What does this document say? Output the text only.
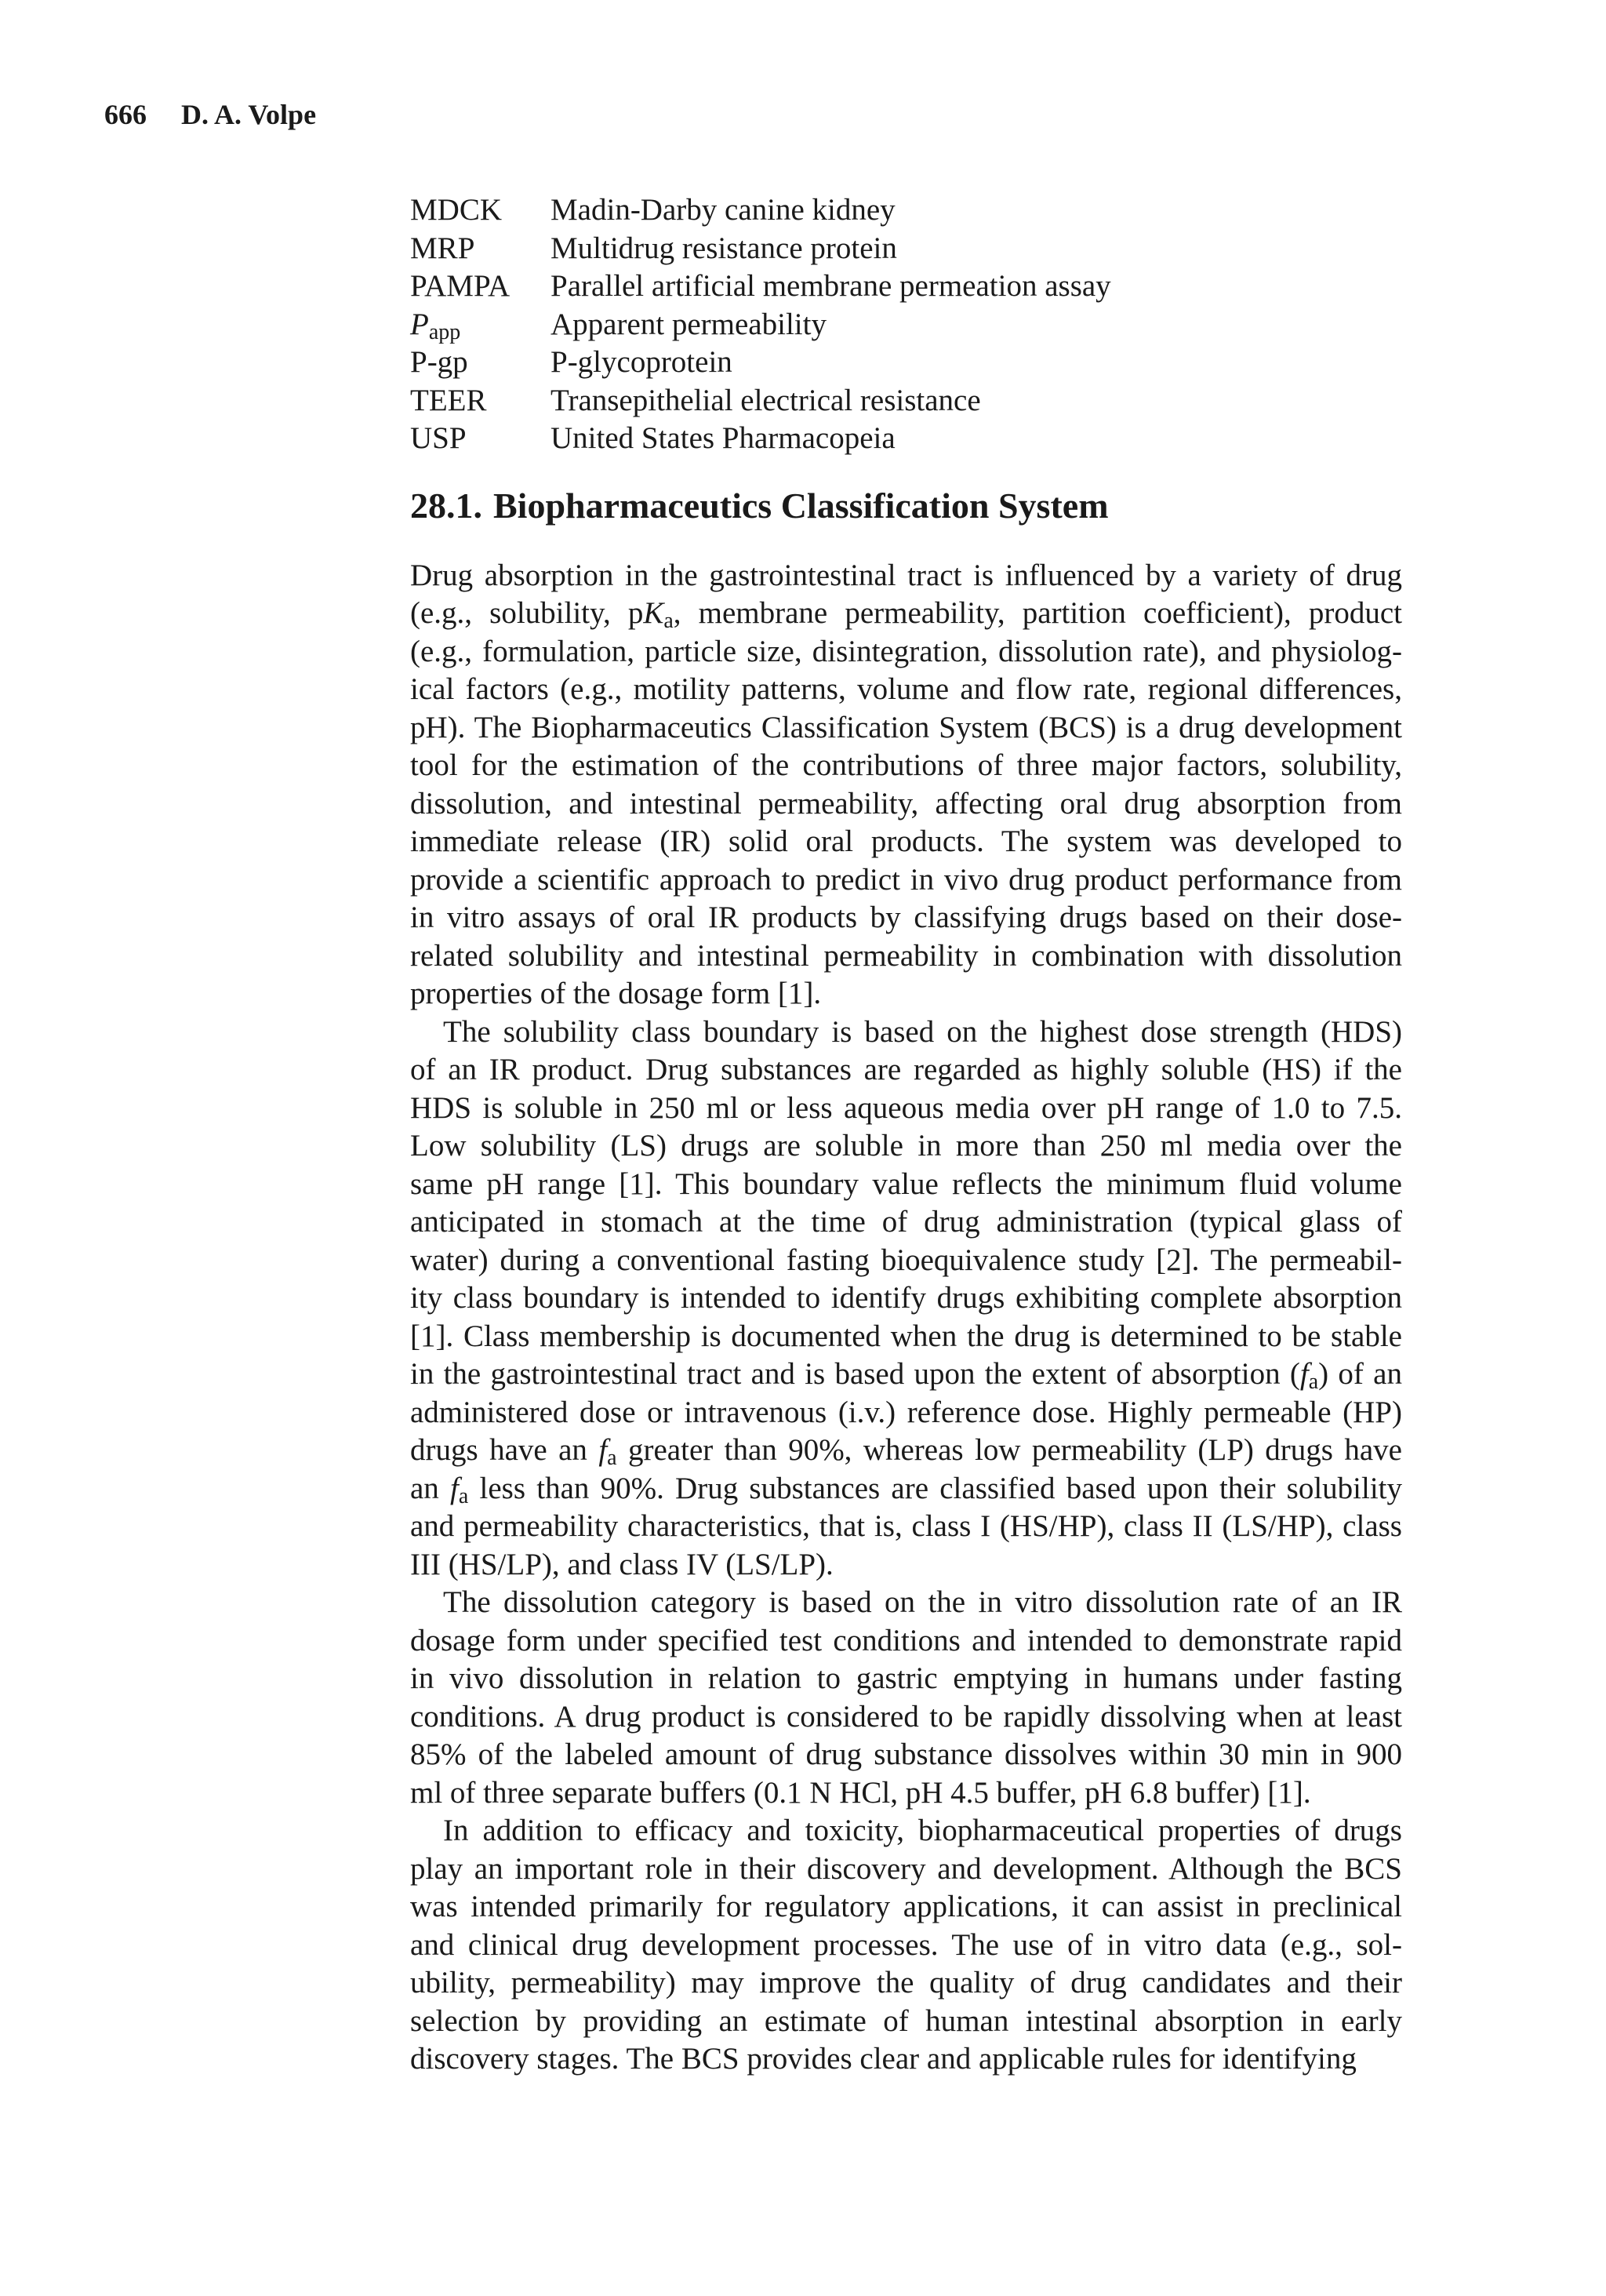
666 D. A. Volpe
MDCK	Madin-Darby canine kidney
MRP	Multidrug resistance protein
PAMPA	Parallel artificial membrane permeation assay
$P_{app}$	Apparent permeability
P-gp	P-glycoprotein
TEER	Transepithelial electrical resistance
USP	United States Pharmacopeia
28.1. Biopharmaceutics Classification System
Drug absorption in the gastrointestinal tract is influenced by a variety of drug
(e.g., solubility, $pK_a$, membrane permeability, partition coefficient), product
(e.g., formulation, particle size, disintegration, dissolution rate), and physiolog-
ical factors (e.g., motility patterns, volume and flow rate, regional differences,
pH). The Biopharmaceutics Classification System (BCS) is a drug development
tool for the estimation of the contributions of three major factors, solubility,
dissolution, and intestinal permeability, affecting oral drug absorption from
immediate release (IR) solid oral products. The system was developed to
provide a scientific approach to predict in vivo drug product performance from
in vitro assays of oral IR products by classifying drugs based on their dose-
related solubility and intestinal permeability in combination with dissolution
properties of the dosage form [1].
The solubility class boundary is based on the highest dose strength (HDS)
of an IR product. Drug substances are regarded as highly soluble (HS) if the
HDS is soluble in 250 ml or less aqueous media over pH range of 1.0 to 7.5.
Low solubility (LS) drugs are soluble in more than 250 ml media over the
same pH range [1]. This boundary value reflects the minimum fluid volume
anticipated in stomach at the time of drug administration (typical glass of
water) during a conventional fasting bioequivalence study [2]. The permeabil-
ity class boundary is intended to identify drugs exhibiting complete absorption
[1]. Class membership is documented when the drug is determined to be stable
in the gastrointestinal tract and is based upon the extent of absorption $(f_a)$ of an
administered dose or intravenous (i.v.) reference dose. Highly permeable (HP)
drugs have an $f_a$ greater than 90%, whereas low permeability (LP) drugs have
an $f_a$ less than 90%. Drug substances are classified based upon their solubility
and permeability characteristics, that is, class I (HS/HP), class II (LS/HP), class
III (HS/LP), and class IV (LS/LP).
The dissolution category is based on the in vitro dissolution rate of an IR
dosage form under specified test conditions and intended to demonstrate rapid
in vivo dissolution in relation to gastric emptying in humans under fasting
conditions. A drug product is considered to be rapidly dissolving when at least
85% of the labeled amount of drug substance dissolves within 30 min in 900
ml of three separate buffers (0.1 N HCl, pH 4.5 buffer, pH 6.8 buffer) [1].
In addition to efficacy and toxicity, biopharmaceutical properties of drugs
play an important role in their discovery and development. Although the BCS
was intended primarily for regulatory applications, it can assist in preclinical
and clinical drug development processes. The use of in vitro data (e.g., sol-
ubility, permeability) may improve the quality of drug candidates and their
selection by providing an estimate of human intestinal absorption in early
discovery stages. The BCS provides clear and applicable rules for identifying
